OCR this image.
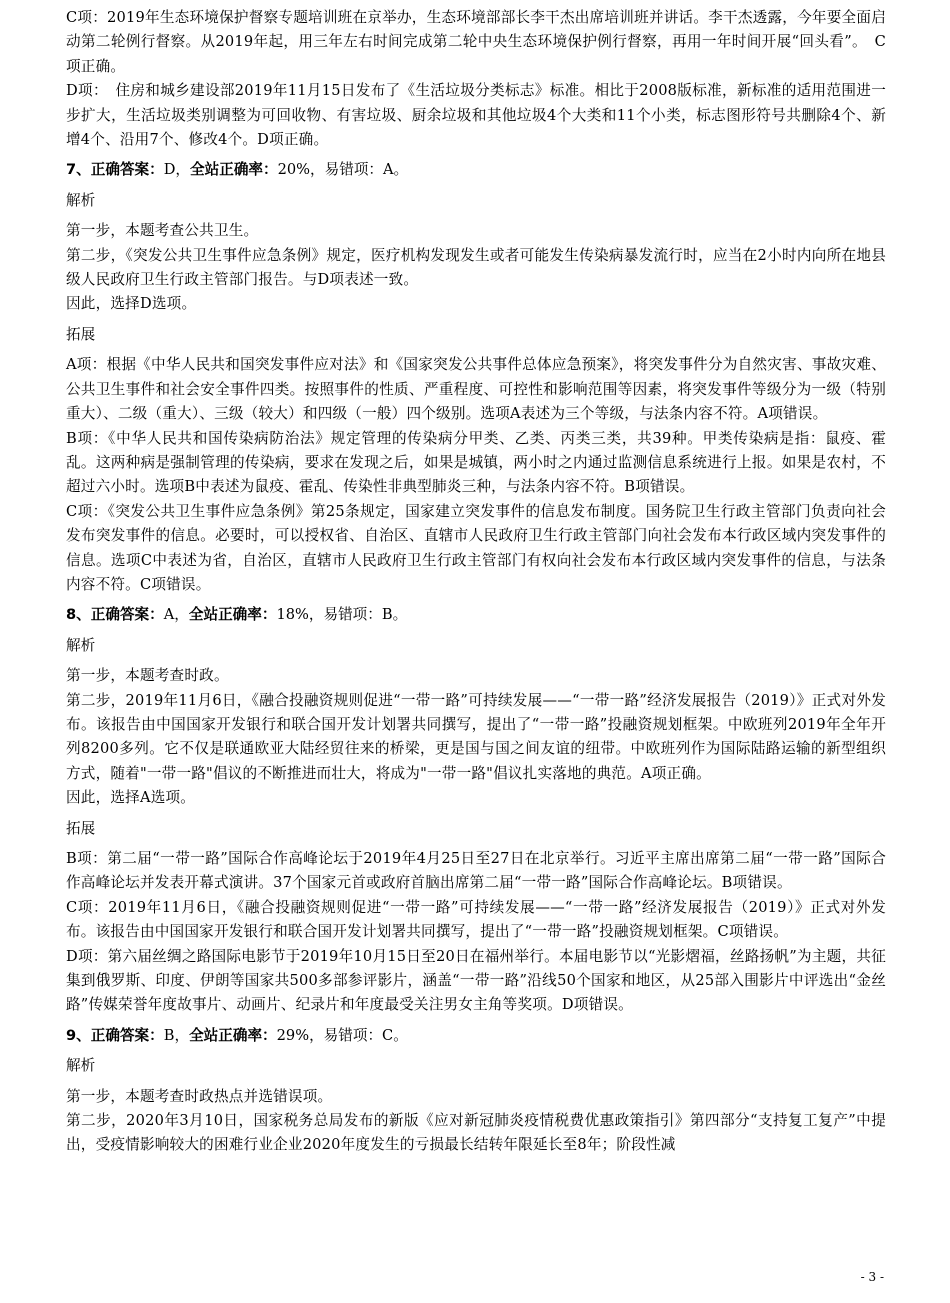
C项：2019年生态环境保护督察专题培训班在京举办，生态环境部部长李干杰出席培训班并讲话。李干杰透露，今年要全面启动第二轮例行督察。从2019年起，用三年左右时间完成第二轮中央生态环境保护例行督察，再用一年时间开展“回头看”。　C项正确。

D项：　住房和城乡建设部2019年11月15日发布了《生活垃圾分类标志》标准。相比于2008版标准，新标准的适用范围进一步扩大，生活垃圾类别调整为可回收物、有害垃圾、厨余垃圾和其他垃圾4个大类和11个小类，标志图形符号共删除4个、新增4个、沿用7个、修改4个。D项正确。

7、正确答案：D，全站正确率：20%，易错项：A。

解析

第一步，本题考查公共卫生。

第二步，《突发公共卫生事件应急条例》规定，医疗机构发现发生或者可能发生传染病暴发流行时，应当在2小时内向所在地县级人民政府卫生行政主管部门报告。与D项表述一致。

因此，选择D选项。

拓展

A项：根据《中华人民共和国突发事件应对法》和《国家突发公共事件总体应急预案》，将突发事件分为自然灾害、事故灾难、公共卫生事件和社会安全事件四类。按照事件的性质、严重程度、可控性和影响范围等因素，将突发事件等级分为一级（特别重大）、二级（重大）、三级（较大）和四级（一般）四个级别。选项A表述为三个等级，与法条内容不符。A项错误。

B项：《中华人民共和国传染病防治法》规定管理的传染病分甲类、乙类、丙类三类，共39种。甲类传染病是指：鼠疫、霍乱。这两种病是强制管理的传染病，要求在发现之后，如果是城镇，两小时之内通过监测信息系统进行上报。如果是农村，不超过六小时。选项B中表述为鼠疫、霍乱、传染性非典型肺炎三种，与法条内容不符。B项错误。

C项：《突发公共卫生事件应急条例》第25条规定，国家建立突发事件的信息发布制度。国务院卫生行政主管部门负责向社会发布突发事件的信息。必要时，可以授权省、自治区、直辖市人民政府卫生行政主管部门向社会发布本行政区域内突发事件的信息。选项C中表述为省，自治区，直辖市人民政府卫生行政主管部门有权向社会发布本行政区域内突发事件的信息，与法条内容不符。C项错误。

8、正确答案：A，全站正确率：18%，易错项：B。

解析

第一步，本题考查时政。

第二步，2019年11月6日，《融合投融资规则促进“一带一路”可持续发展——“一带一路”经济发展报告（2019）》正式对外发布。该报告由中国国家开发银行和联合国开发计划署共同撰写，提出了“一带一路”投融资规划框架。中欧班列2019年全年开列8200多列。它不仅是联通欧亚大陆经贸往来的桥梁，更是国与国之间友谊的纽带。中欧班列作为国际陆路运输的新型组织方式，随着"一带一路"倡议的不断推进而壮大，将成为"一带一路"倡议扎实落地的典范。A项正确。

因此，选择A选项。

拓展

B项：第二届“一带一路”国际合作高峰论坛于2019年4月25日至27日在北京举行。习近平主席出席第二届“一带一路”国际合作高峰论坛并发表开幕式演讲。37个国家元首或政府首脑出席第二届“一带一路”国际合作高峰论坛。B项错误。

C项：2019年11月6日，《融合投融资规则促进“一带一路”可持续发展——“一带一路”经济发展报告（2019）》正式对外发布。该报告由中国国家开发银行和联合国开发计划署共同撰写，提出了“一带一路”投融资规划框架。C项错误。

D项：第六届丝绸之路国际电影节于2019年10月15日至20日在福州举行。本届电影节以“光影熠福，丝路扬帆”为主题，共征集到俄罗斯、印度、伊朗等国家共500多部参评影片，涵盖“一带一路”沿线50个国家和地区，从25部入围影片中评选出“金丝路”传媒荣誉年度故事片、动画片、纪录片和年度最受关注男女主角等奖项。D项错误。

9、正确答案：B，全站正确率：29%，易错项：C。

解析

第一步，本题考查时政热点并选错误项。

第二步，2020年3月10日，国家税务总局发布的新版《应对新冠肺炎疫情税费优惠政策指引》第四部分“支持复工复产”中提出，受疫情影响较大的困难行业企业2020年度发生的亏损最长结转年限延长至8年；阶段性减

- 3 -
